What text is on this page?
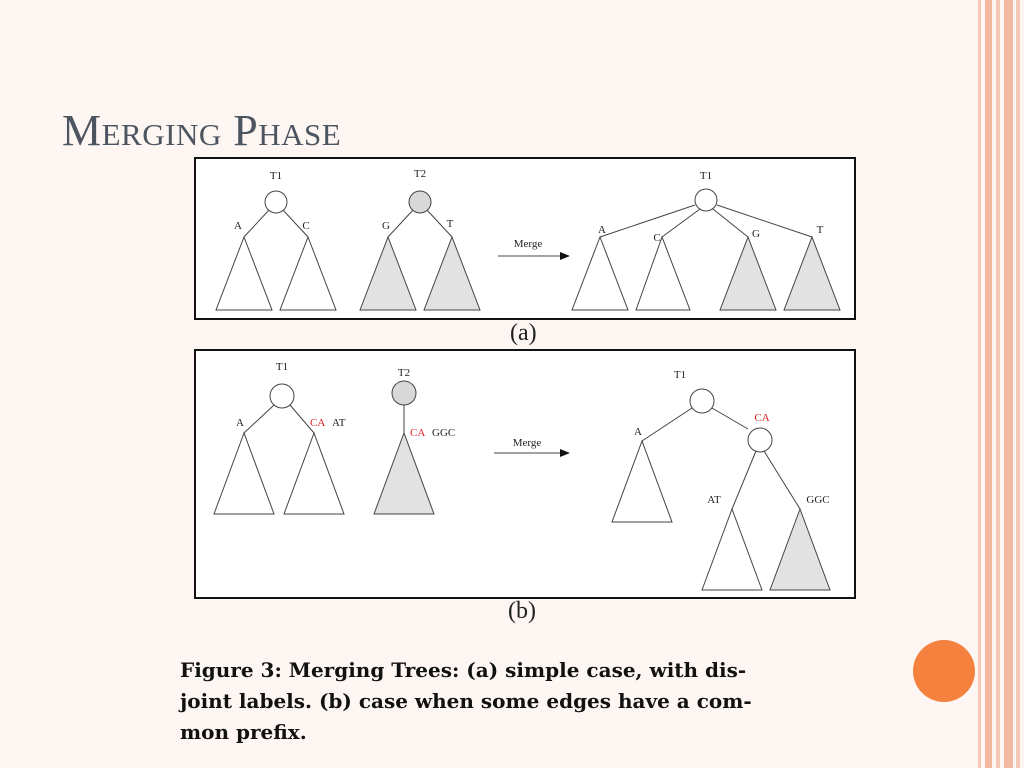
Merging Phase
T1
A	C
T2
G	T
Merge
T1
A
C	G	T
(a)
T1
A	CA AT
T2
CA GGC
Merge
T1
A
CA
AT	GGC
(b)
Figure 3: Merging Trees: (a) simple case, with dis-
joint labels. (b) case when some edges have a com-
mon prefix.
